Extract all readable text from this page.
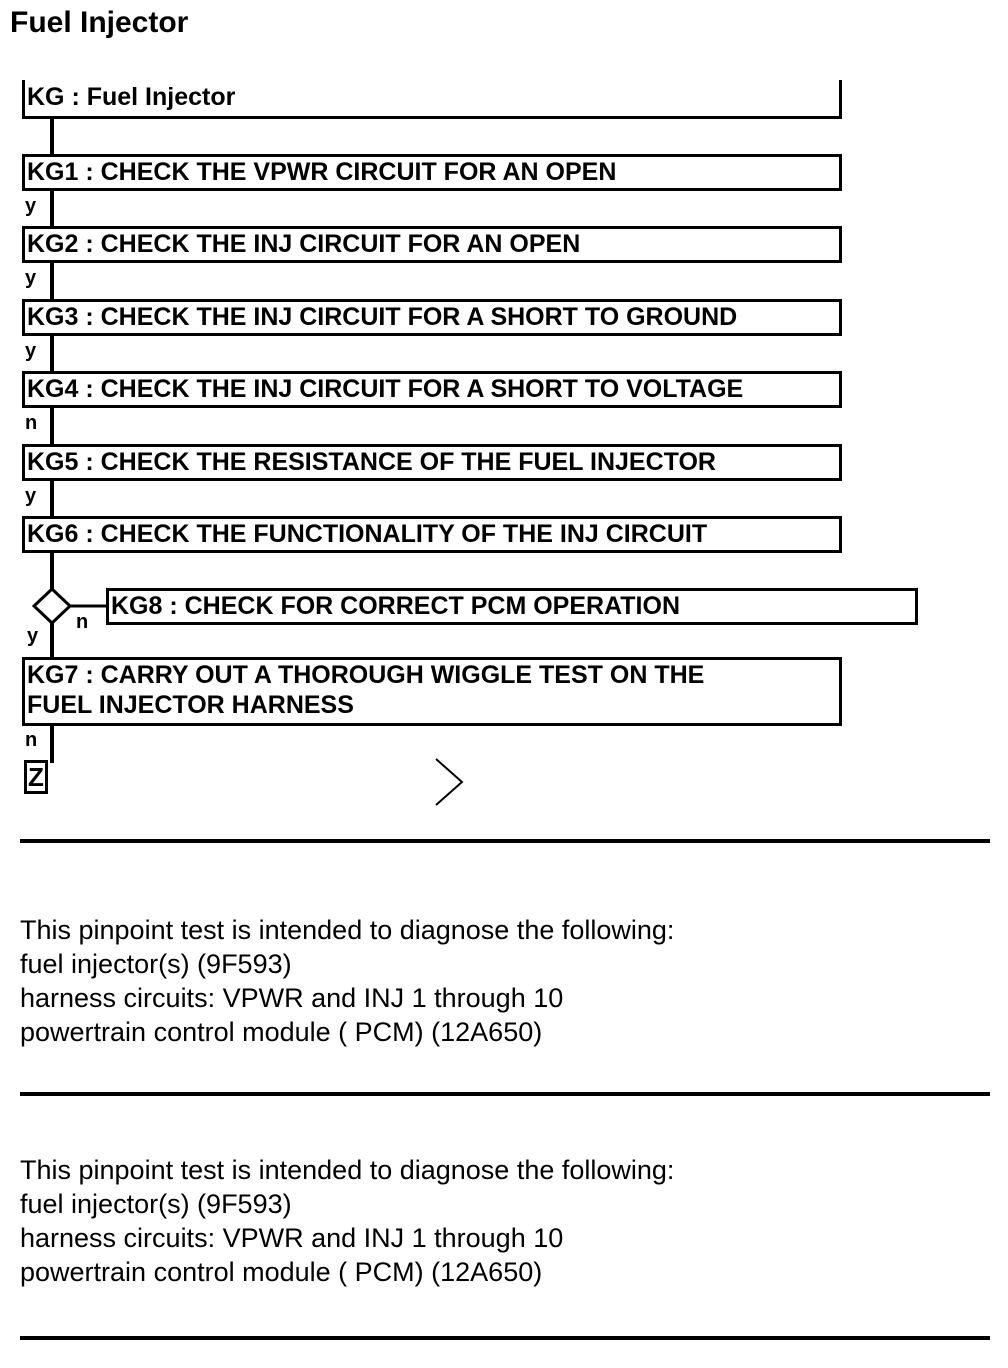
Fuel Injector
KG : Fuel Injector
KG1 : CHECK THE VPWR CIRCUIT FOR AN OPEN
KG2 : CHECK THE INJ CIRCUIT FOR AN OPEN
KG3 : CHECK THE INJ CIRCUIT FOR A SHORT TO GROUND
KG4 : CHECK THE INJ CIRCUIT FOR A SHORT TO VOLTAGE
KG5 : CHECK THE RESISTANCE OF THE FUEL INJECTOR
KG6 : CHECK THE FUNCTIONALITY OF THE INJ CIRCUIT
y
y
y
n
y
n
y
KG8 : CHECK FOR CORRECT PCM OPERATION
KG7 : CARRY OUT A THOROUGH WIGGLE TEST ON THE
FUEL INJECTOR HARNESS
n
Z
This pinpoint test is intended to diagnose the following:
fuel injector(s) (9F593)
harness circuits: VPWR and INJ 1 through 10
powertrain control module ( PCM) (12A650)
This pinpoint test is intended to diagnose the following:
fuel injector(s) (9F593)
harness circuits: VPWR and INJ 1 through 10
powertrain control module ( PCM) (12A650)
